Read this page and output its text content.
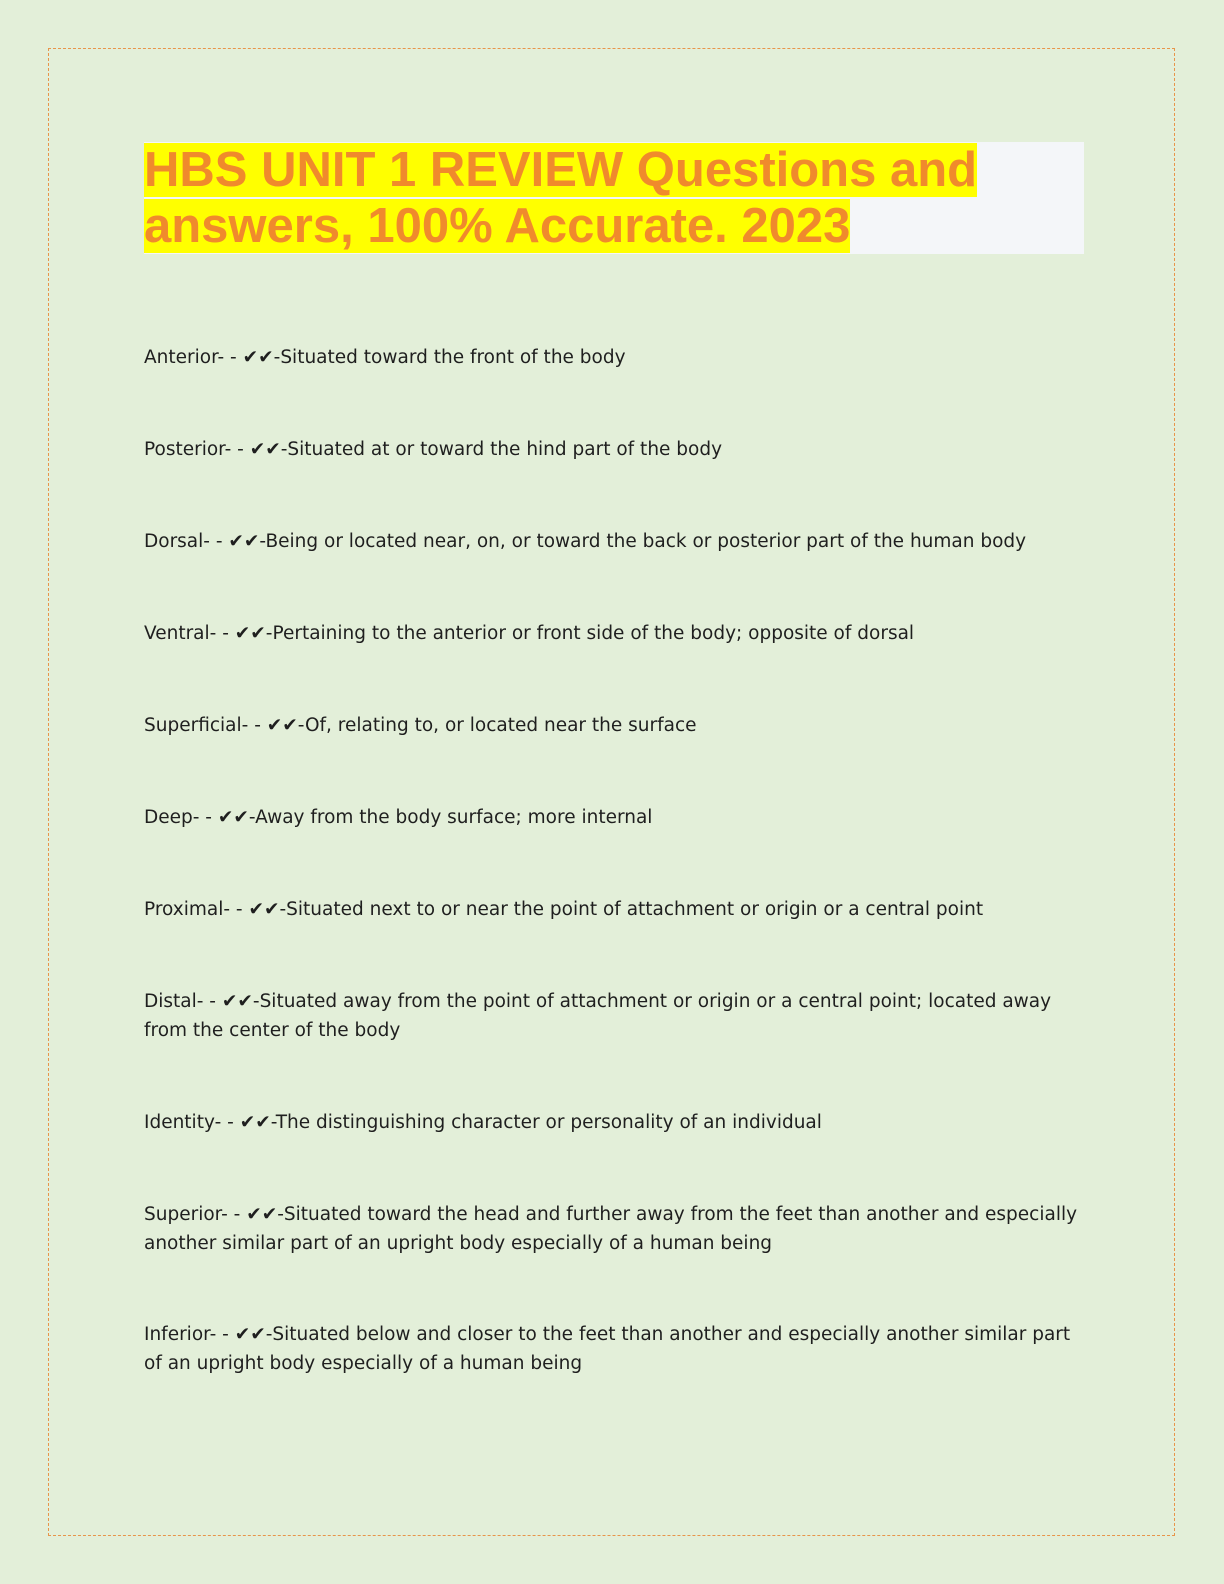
HBS UNIT 1 REVIEW Questions and answers, 100% Accurate. 2023

Anterior- - ✔✔-Situated toward the front of the body

Posterior- - ✔✔-Situated at or toward the hind part of the body

Dorsal- - ✔✔-Being or located near, on, or toward the back or posterior part of the human body

Ventral- - ✔✔-Pertaining to the anterior or front side of the body; opposite of dorsal

Superficial- - ✔✔-Of, relating to, or located near the surface

Deep- - ✔✔-Away from the body surface; more internal

Proximal- - ✔✔-Situated next to or near the point of attachment or origin or a central point

Distal- - ✔✔-Situated away from the point of attachment or origin or a central point; located away from the center of the body

Identity- - ✔✔-The distinguishing character or personality of an individual

Superior- - ✔✔-Situated toward the head and further away from the feet than another and especially another similar part of an upright body especially of a human being

Inferior- - ✔✔-Situated below and closer to the feet than another and especially another similar part of an upright body especially of a human being
